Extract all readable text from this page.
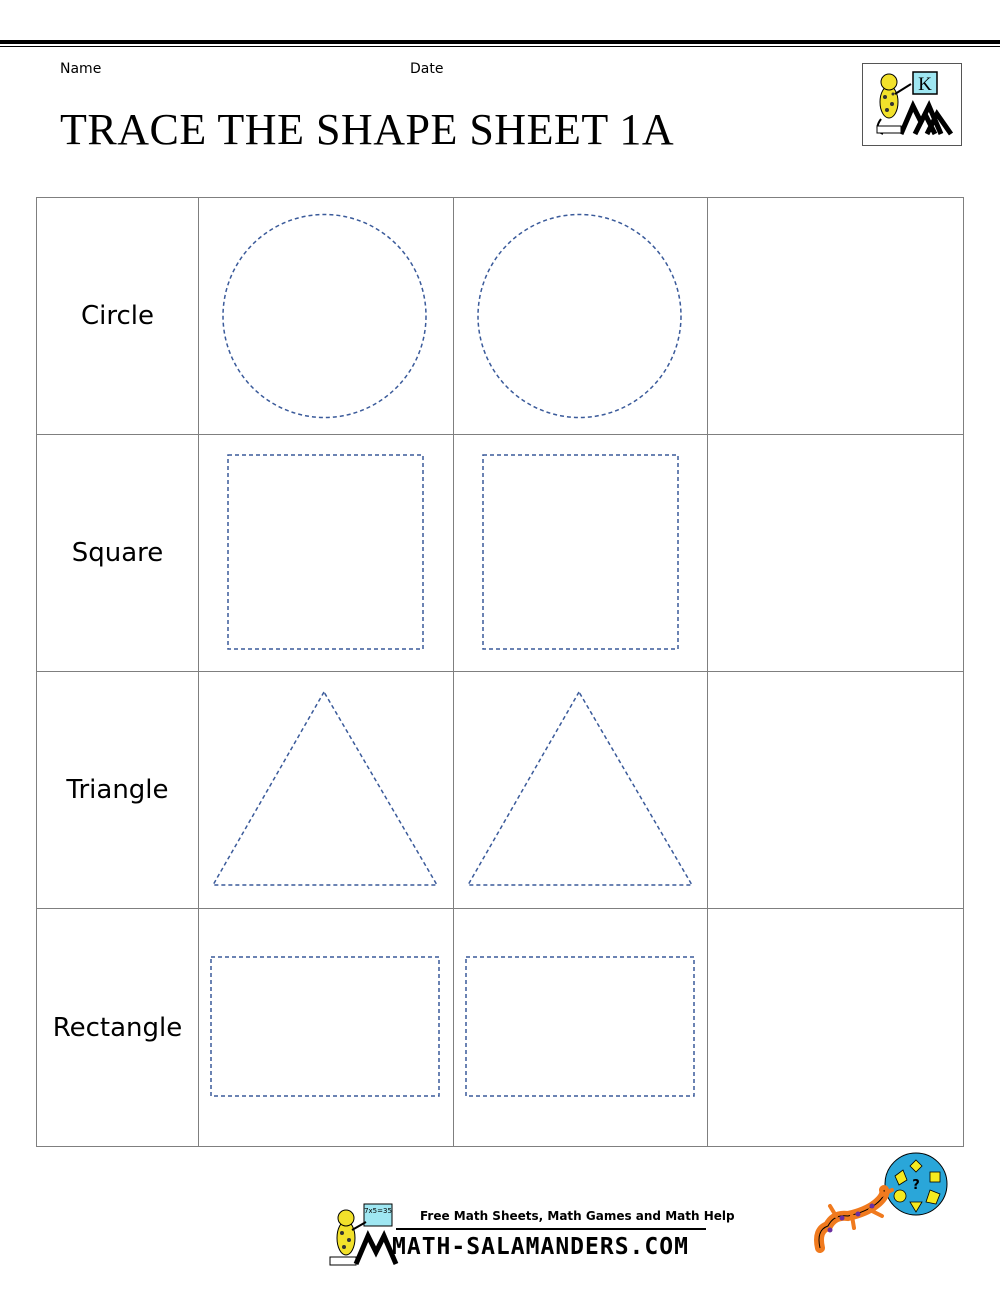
Name	Date
TRACE THE SHAPE SHEET 1A
K
Circle	

Square	

Triangle	

Rectangle	

7x5=35 Free Math Sheets, Math Games and Math Help
MATH-SALAMANDERS.COM
?
